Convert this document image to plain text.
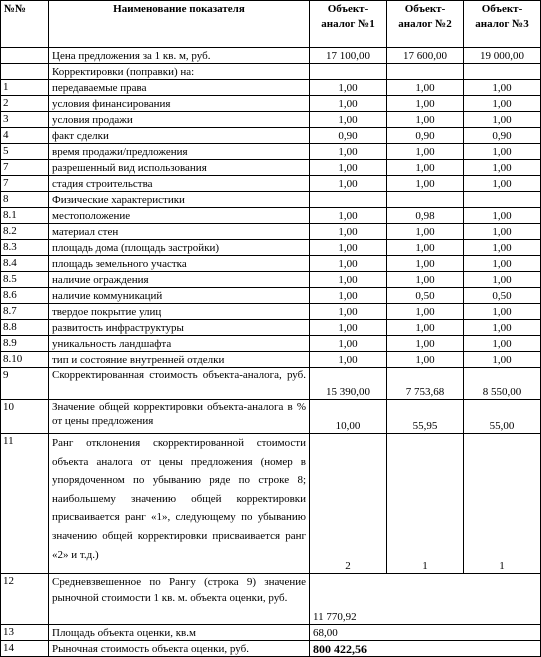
№№	Наименование показателя	Объект-аналог №1	Объект-аналог №2	Объект-аналог №3
	Цена предложения за 1 кв. м, руб.	17 100,00	17 600,00	19 000,00
	Корректировки (поправки) на:			
1	передаваемые права	1,00	1,00	1,00
2	условия финансирования	1,00	1,00	1,00
3	условия продажи	1,00	1,00	1,00
4	факт сделки	0,90	0,90	0,90
5	время продажи/предложения	1,00	1,00	1,00
7	разрешенный вид использования	1,00	1,00	1,00
7	стадия строительства	1,00	1,00	1,00
8	Физические характеристики			
8.1	местоположение	1,00	0,98	1,00
8.2	материал стен	1,00	1,00	1,00
8.3	площадь дома (площадь застройки)	1,00	1,00	1,00
8.4	площадь земельного участка	1,00	1,00	1,00
8.5	наличие ограждения	1,00	1,00	1,00
8.6	наличие коммуникаций	1,00	0,50	0,50
8.7	твердое покрытие улиц	1,00	1,00	1,00
8.8	развитость инфраструктуры	1,00	1,00	1,00
8.9	уникальность ландшафта	1,00	1,00	1,00
8.10	тип и состояние внутренней отделки	1,00	1,00	1,00
9	Скорректированная стоимость объекта-аналога, руб.	15 390,00	7 753,68	8 550,00
10	Значение общей корректировки объекта-аналога в % от цены предложения	10,00	55,95	55,00
11	Ранг отклонения скорректированной стоимости объекта аналога от цены предложения (номер в упорядоченном по убыванию ряде по строке 8; наибольшему значению общей корректировки присваивается ранг «1», следующему по убыванию значению общей корректировки присваивается ранг «2» и т.д.)	2	1	1
12	Средневзвешенное по Рангу (строка 9) значение рыночной стоимости 1 кв. м. объекта оценки, руб.	11 770,92		
13	Площадь объекта оценки, кв.м	68,00		
14	Рыночная стоимость объекта оценки, руб.	800 422,56		
